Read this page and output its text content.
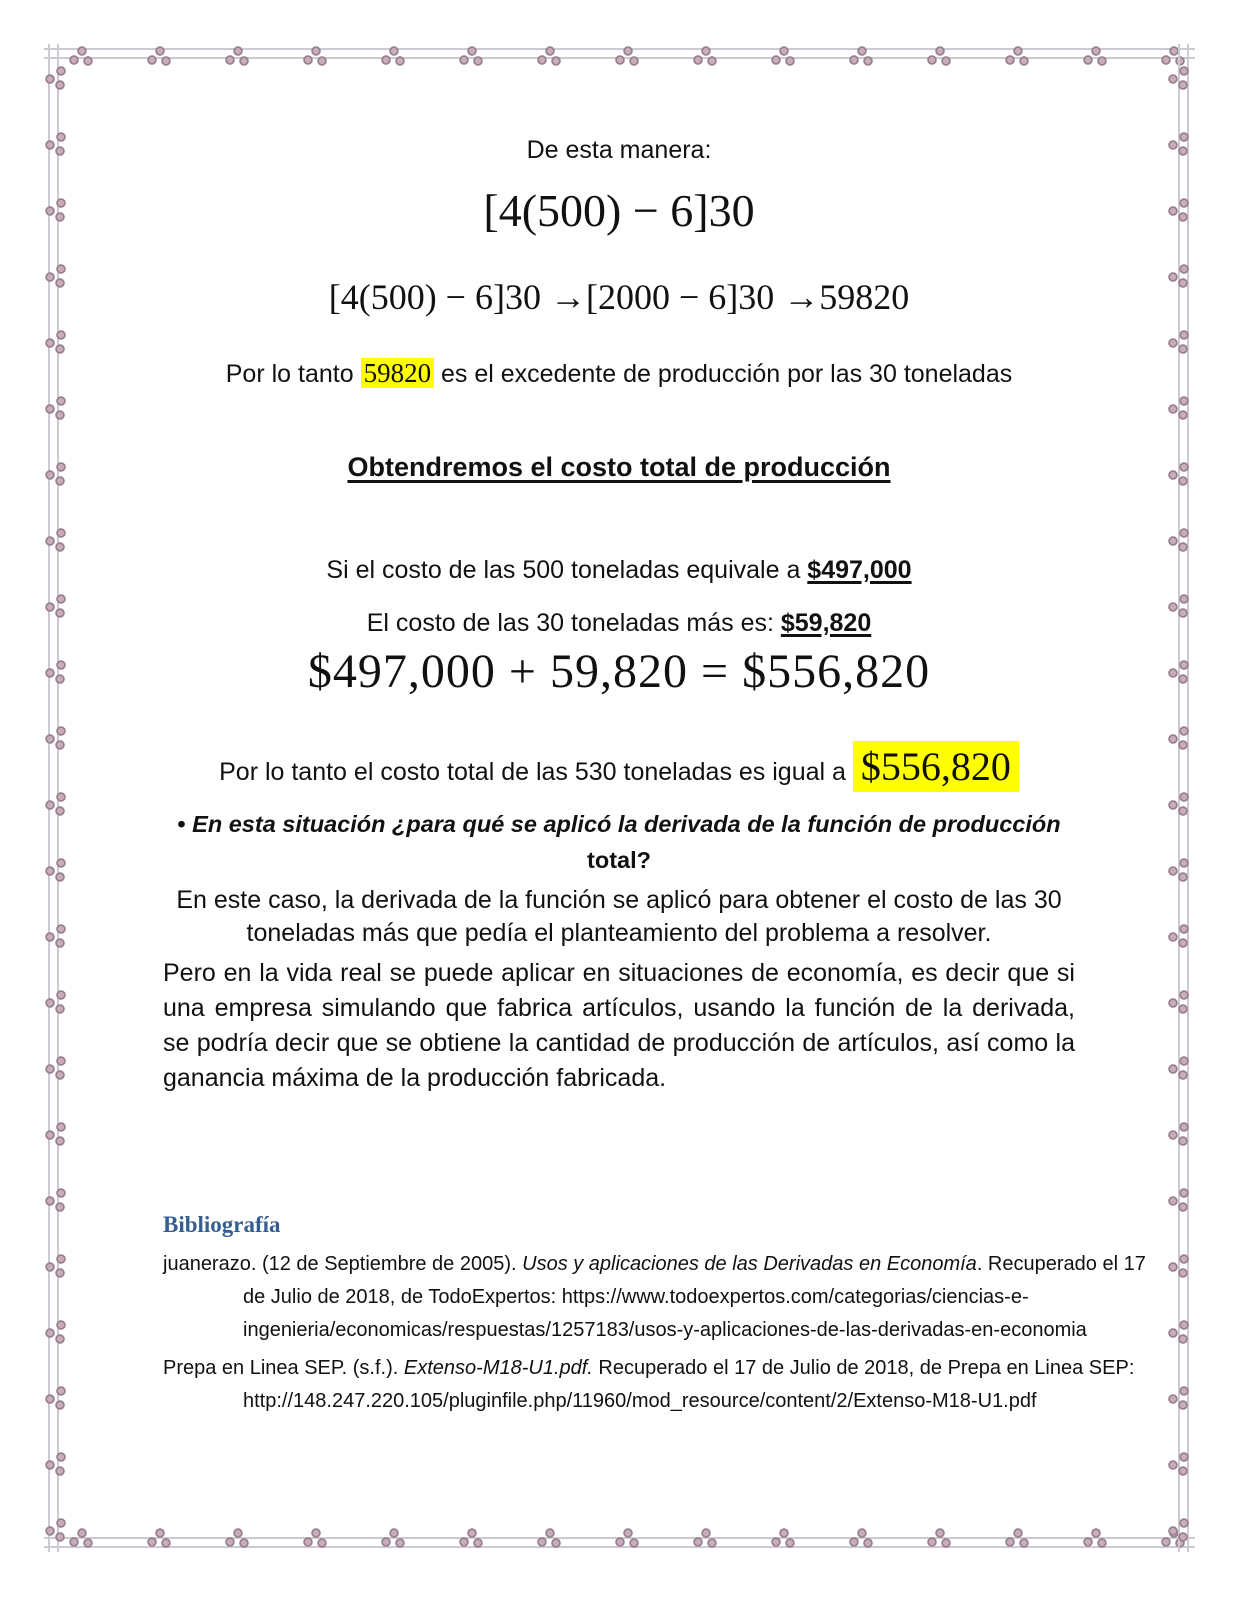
De esta manera:
[4(500) − 6]30
[4(500) − 6]30 →[2000 − 6]30 →59820
Por lo tanto 59820 es el excedente de producción por las 30 toneladas
Obtendremos el costo total de producción
Si el costo de las 500 toneladas equivale a $497,000
El costo de las 30 toneladas más es: $59,820
$497,000 + 59,820 = $556,820
Por lo tanto el costo total de las 530 toneladas es igual a $556,820
• En esta situación ¿para qué se aplicó la derivada de la función de producción
total?
En este caso, la derivada de la función se aplicó para obtener el costo de las 30
toneladas más que pedía el planteamiento del problema a resolver.
Pero en la vida real se puede aplicar en situaciones de economía, es decir que si una empresa simulando que fabrica artículos, usando la función de la derivada, se podría decir que se obtiene la cantidad de producción de artículos, así como la ganancia máxima de la producción fabricada.
Bibliografía
juanerazo. (12 de Septiembre de 2005). Usos y aplicaciones de las Derivadas en Economía. Recuperado el 17
de Julio de 2018, de TodoExpertos: https://www.todoexpertos.com/categorias/ciencias-e-
ingenieria/economicas/respuestas/1257183/usos-y-aplicaciones-de-las-derivadas-en-economia
Prepa en Linea SEP. (s.f.). Extenso-M18-U1.pdf. Recuperado el 17 de Julio de 2018, de Prepa en Linea SEP:
http://148.247.220.105/pluginfile.php/11960/mod_resource/content/2/Extenso-M18-U1.pdf
